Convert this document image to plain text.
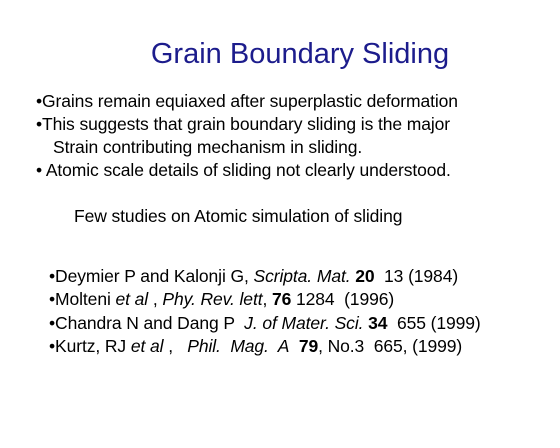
Grain Boundary Sliding
•Grains remain equiaxed after superplastic deformation
•This suggests that grain boundary sliding is the major
Strain contributing mechanism in sliding.
• Atomic scale details of sliding not clearly understood.
Few studies on Atomic simulation of sliding
•Deymier P and Kalonji G, Scripta. Mat. 20  13 (1984)
•Molteni et al , Phy. Rev. lett, 76 1284  (1996)
•Chandra N and Dang P  J. of Mater. Sci. 34  655 (1999)
•Kurtz, RJ et al ,   Phil.  Mag.  A 79, No.3  665, (1999)
